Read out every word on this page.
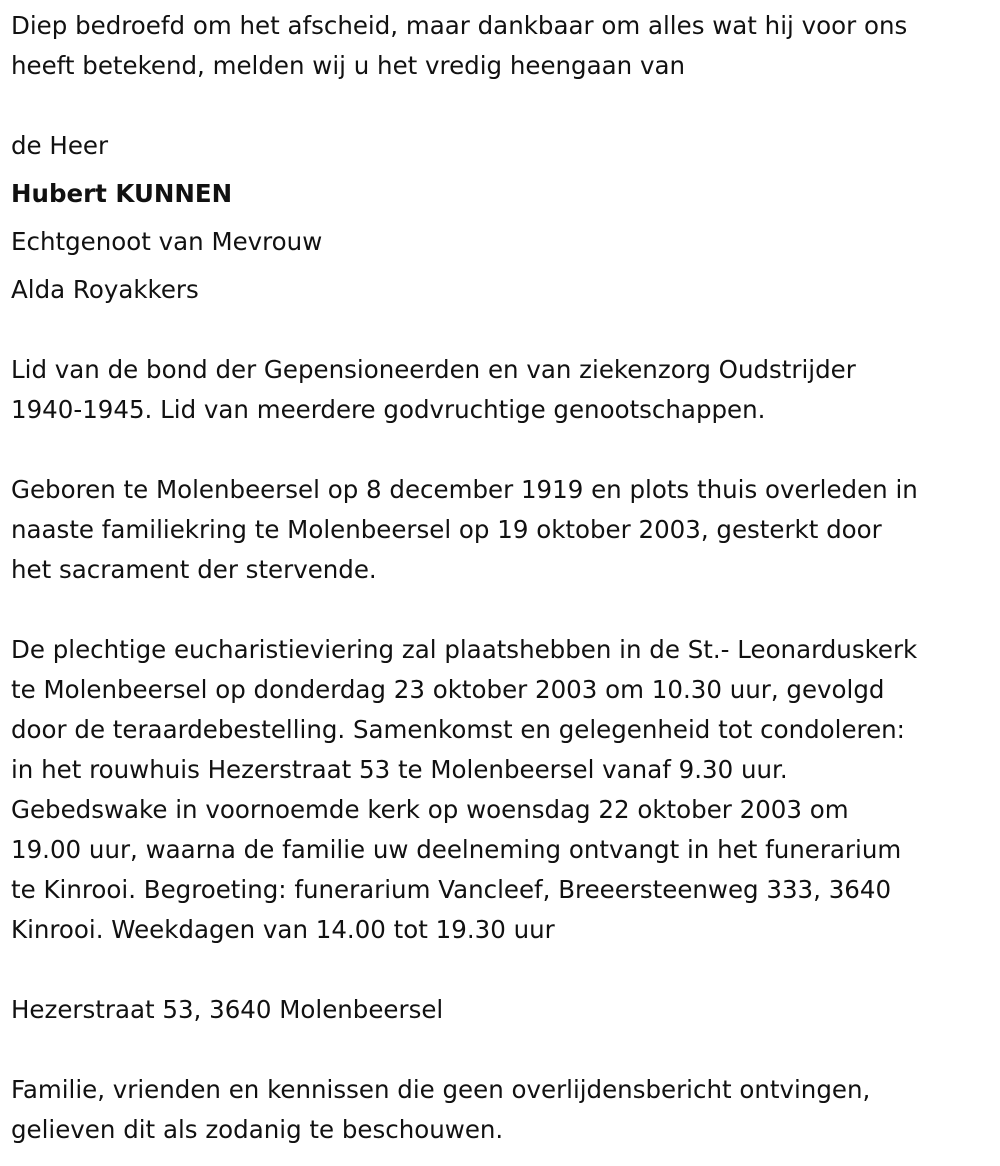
Diep bedroefd om het afscheid, maar dankbaar om alles wat hij voor ons

heeft betekend, melden wij u het vredig heengaan van

de Heer

Hubert KUNNEN

Echtgenoot van Mevrouw

Alda Royakkers

Lid van de bond der Gepensioneerden en van ziekenzorg Oudstrijder

1940-1945. Lid van meerdere godvruchtige genootschappen.

Geboren te Molenbeersel op 8 december 1919 en plots thuis overleden in

naaste familiekring te Molenbeersel op 19 oktober 2003, gesterkt door

het sacrament der stervende.

De plechtige eucharistieviering zal plaatshebben in de St.- Leonarduskerk

te Molenbeersel op donderdag 23 oktober 2003 om 10.30 uur, gevolgd

door de teraardebestelling. Samenkomst en gelegenheid tot condoleren:

in het rouwhuis Hezerstraat 53 te Molenbeersel vanaf 9.30 uur.

Gebedswake in voornoemde kerk op woensdag 22 oktober 2003 om

19.00 uur, waarna de familie uw deelneming ontvangt in het funerarium

te Kinrooi. Begroeting: funerarium Vancleef, Breeersteenweg 333, 3640

Kinrooi. Weekdagen van 14.00 tot 19.30 uur

Hezerstraat 53, 3640 Molenbeersel

Familie, vrienden en kennissen die geen overlijdensbericht ontvingen,

gelieven dit als zodanig te beschouwen.
